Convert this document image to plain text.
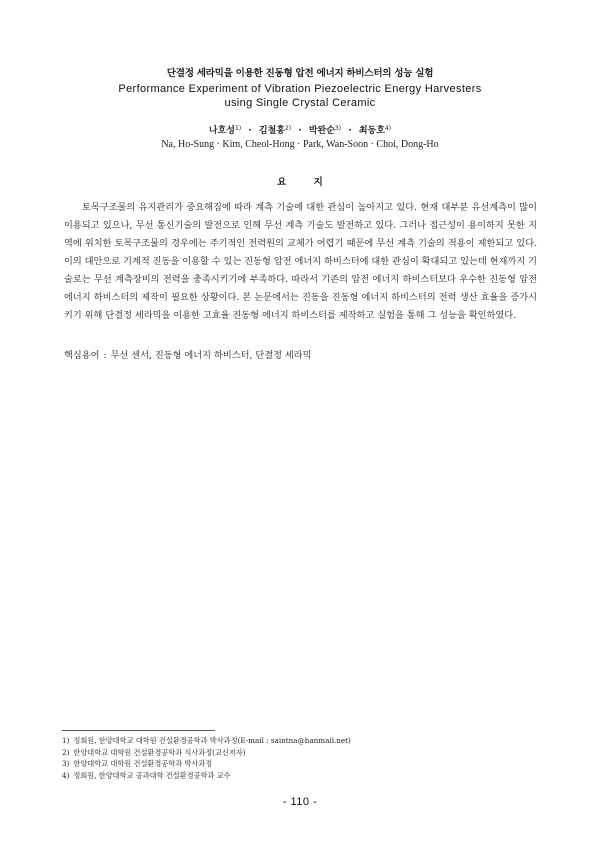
단결정 세라믹을 이용한 진동형 압전 에너지 하비스터의 성능 실험
Performance Experiment of Vibration Piezoelectric Energy Harvesters
using Single Crystal Ceramic
나호성$^{1)}$ · 김철홍$^{2)}$ · 박완순$^{3)}$ · 최동호$^{4)}$
Na, Ho-Sung · Kim, Cheol-Hong · Park, Wan-Soon · Choi, Dong-Ho
요 지

토목구조물의 유지관리가 중요해짐에 따라 계측 기술에 대한 관심이 높아지고 있다. 현재 대부분 유선계측이 많이 이용되고 있으나, 무선 통신기술의 발전으로 인해 무선 계측 기술도 발전하고 있다. 그러나 접근성이 용이하지 못한 지역에 위치한 토목구조물의 경우에는 주기적인 전력원의 교체가 어렵기 때문에 무선 계측 기술의 적용이 제한되고 있다. 이의 대안으로 기계적 진동을 이용할 수 있는 진동형 압전 에너지 하비스터에 대한 관심이 확대되고 있는데 현재까지 기술로는 무선 계측장비의 전력을 충족시키기에 부족하다. 따라서 기존의 압전 에너지 하비스터보다 우수한 진동형 압전 에너지 하비스터의 제작이 필요한 상황이다. 본 논문에서는 진동을 진동형 에너지 하비스터의 전력 생산 효율을 증가시키기 위해 단결정 세라믹을 이용한 고효율 진동형 에너지 하비스터를 제작하고 실험을 통해 그 성능을 확인하였다.

핵심용어 : 무선 센서, 진동형 에너지 하비스터, 단결정 세라믹
1) 정회원, 한양대학교 대학원 건설환경공학과 박사과정(E-mail : saintna@hanmail.net)
2) 한양대학교 대학원 건설환경공학과 석사과정(교신저자)
3) 한양대학교 대학원 건설환경공학과 박사과정
4) 정회원, 한양대학교 공과대학 건설환경공학과 교수
- 110 -
